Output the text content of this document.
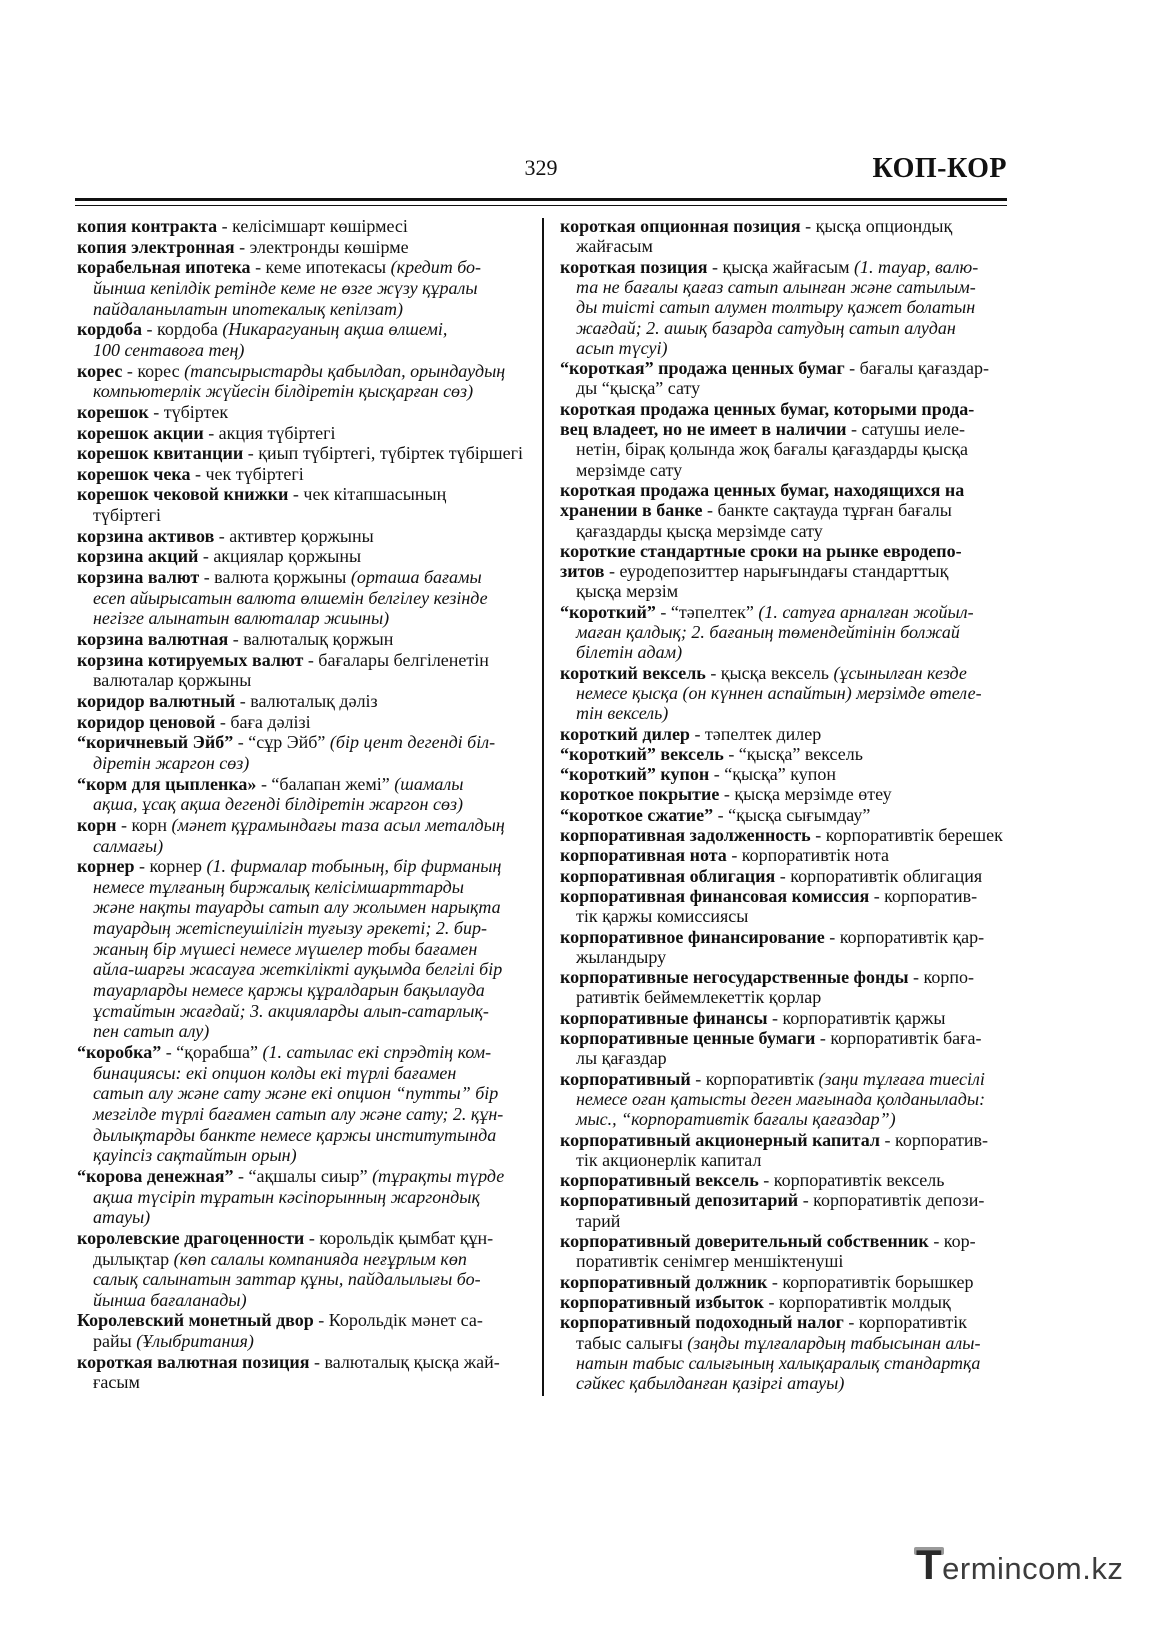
329	КОП-КОР
Termincom.kz
копия контракта - келісімшарт көшірмесі
копия электронная - электронды көшірме
корабельная ипотека - кеме ипотекасы (кредит бо-
йынша кепілдік ретінде кеме не өзге жүзу құралы
пайдаланылатын ипотекалық кепілзат)
кордоба - кордоба (Никарагуаның ақша өлшемі,
100 сентавоға тең)
корес - корес (тапсырыстарды қабылдап, орындаудың
компьютерлік жүйесін білдіретін қысқарған сөз)
корешок - түбіртек
корешок акции - акция түбіртегі
корешок квитанции - қиып түбіртегі, түбіртек түбіршегі
корешок чека - чек түбіртегі
корешок чековой книжки - чек кітапшасының
түбіртегі
корзина активов - активтер қоржыны
корзина акций - акциялар қоржыны
корзина валют - валюта қоржыны (орташа бағамы
есеп айырысатын валюта өлшемін белгілеу кезінде
негізге алынатын валюталар жиыны)
корзина валютная - валюталық қоржын
корзина котируемых валют - бағалары белгіленетін
валюталар қоржыны
коридор валютный - валюталық дәліз
коридор ценовой - баға дәлізі
“коричневый Эйб” - “сұр Эйб” (бір цент дегенді біл-
діретін жаргон сөз)
“корм для цыпленка» - “балапан жемі” (шамалы
ақша, ұсақ ақша дегенді білдіретін жаргон сөз)
корн - корн (мәнет құрамындағы таза асыл металдың
салмағы)
корнер - корнер (1. фирмалар тобының, бір фирманың
немесе тұлғаның биржалық келісімшарттарды
және нақты тауарды сатып алу жолымен нарықта
тауардың жетіспеушілігін туғызу әрекеті; 2. бир-
жаның бір мүшесі немесе мүшелер тобы бағамен
айла-шарғы жасауға жеткілікті ауқымда белгілі бір
тауарларды немесе қаржы құралдарын бақылауда
ұстайтын жағдай; 3. акцияларды алып-сатарлық-
пен сатып алу)
“коробка” - “қорабша” (1. сатылас екі спрэдтің ком-
бинациясы: екі опцион колды екі түрлі бағамен
сатып алу және сату және екі опцион “путты” бір
мезгілде түрлі бағамен сатып алу және сату; 2. құн-
дылықтарды банкте немесе қаржы институтында
қауіпсіз сақтайтын орын)
“корова денежная” - “ақшалы сиыр” (тұрақты түрде
ақша түсіріп тұратын кәсіпорынның жаргондық
атауы)
королевские драгоценности - корольдік қымбат құн-
дылықтар (көп салалы компанияда неғұрлым көп
салық салынатын заттар құны, пайдалылығы бо-
йынша бағаланады)
Королевский монетный двор - Корольдік мәнет са-
райы (Ұлыбритания)
короткая валютная позиция - валюталық қысқа жай-
ғасым
короткая опционная позиция - қысқа опциондық
жайғасым
короткая позиция - қысқа жайғасым (1. тауар, валю-
та не бағалы қағаз сатып алынған және сатылым-
ды тиісті сатып алумен толтыру қажет болатын
жағдай; 2. ашық базарда сатудың сатып алудан
асып түсуі)
“короткая” продажа ценных бумаг - бағалы қағаздар-
ды “қысқа” сату
короткая продажа ценных бумаг, которыми прода-
вец владеет, но не имеет в наличии - сатушы иеле-
нетін, бірақ қолында жоқ бағалы қағаздарды қысқа
мерзімде сату
короткая продажа ценных бумаг, находящихся на
хранении в банке - банкте сақтауда тұрған бағалы
қағаздарды қысқа мерзімде сату
короткие стандартные сроки на рынке евродепо-
зитов - еуродепозиттер нарығындағы стандарттық
қысқа мерзім
“короткий” - “тәпелтек” (1. сатуға арналған жойыл-
маған қалдық; 2. бағаның төмендейтінін болжай
білетін адам)
короткий вексель - қысқа вексель (ұсынылған кезде
немесе қысқа (он күннен аспайтын) мерзімде өтеле-
тін вексель)
короткий дилер - тәпелтек дилер
“короткий” вексель - “қысқа” вексель
“короткий” купон - “қысқа” купон
короткое покрытие - қысқа мерзімде өтеу
“короткое сжатие” - “қысқа сығымдау”
корпоративная задолженность - корпоративтік берешек
корпоративная нота - корпоративтік нота
корпоративная облигация - корпоративтік облигация
корпоративная финансовая комиссия - корпоратив-
тік қаржы комиссиясы
корпоративное финансирование - корпоративтік қар-
жыландыру
корпоративные негосударственные фонды - корпо-
ративтік беймемлекеттік қорлар
корпоративные финансы - корпоративтік қаржы
корпоративные ценные бумаги - корпоративтік баға-
лы қағаздар
корпоративный - корпоративтік (заңи тұлғаға тиесілі
немесе оған қатысты деген мағынада қолданылады:
мыс., “корпоративтік бағалы қағаздар”)
корпоративный акционерный капитал - корпоратив-
тік акционерлік капитал
корпоративный вексель - корпоративтік вексель
корпоративный депозитарий - корпоративтік депози-
тарий
корпоративный доверительный собственник - кор-
поративтік сенімгер меншіктенуші
корпоративный должник - корпоративтік борышкер
корпоративный избыток - корпоративтік молдық
корпоративный подоходный налог - корпоративтік
табыс салығы (заңды тұлғалардың табысынан алы-
натын табыс салығының халықаралық стандартқа
сәйкес қабылданған қазіргі атауы)
